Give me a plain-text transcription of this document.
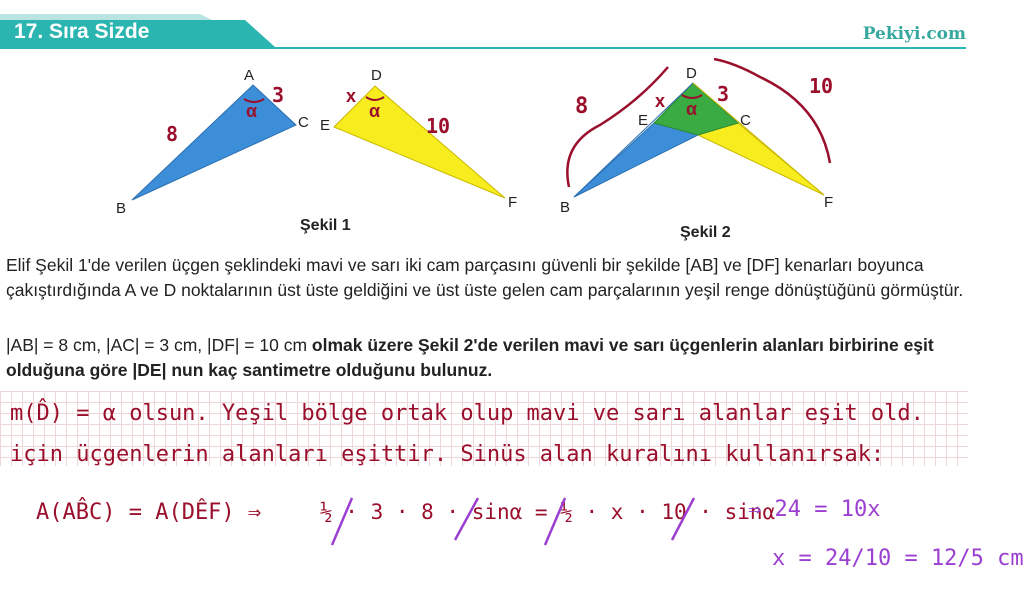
17. Sıra Sizde	Pekiyi.com
A
B
C
D
E
F
8
3
α
x
α
10
Şekil 1
D
E	C
B	F
8
10
x α
3
Şekil 2

Elif Şekil 1'de verilen üçgen şeklindeki mavi ve sarı iki cam parçasını güvenli bir şekilde [AB] ve [DF] kenarları boyunca çakıştırdığında A ve D noktalarının üst üste geldiğini ve üst üste gelen cam parçalarının yeşil renge dönüştüğünü görmüştür.

|AB| = 8 cm, |AC| = 3 cm, |DF| = 10 cm olmak üzere Şekil 2'de verilen mavi ve sarı üçgenlerin alanları birbirine eşit olduğuna göre |DE| nun kaç santimetre olduğunu bulunuz.

m(D̂) = α olsun. Yeşil bölge ortak olup mavi ve sarı alanlar eşit old.
için üçgenlerin alanları eşittir. Sinüs alan kuralını kullanırsak:
A(AB̂C) = A(DÊF) ⇒	½ · 3 · 8 · sinα = ½ · x · 10 · sinα
⇒ 24 = 10x
x = 24/10 = 12/5 cm
